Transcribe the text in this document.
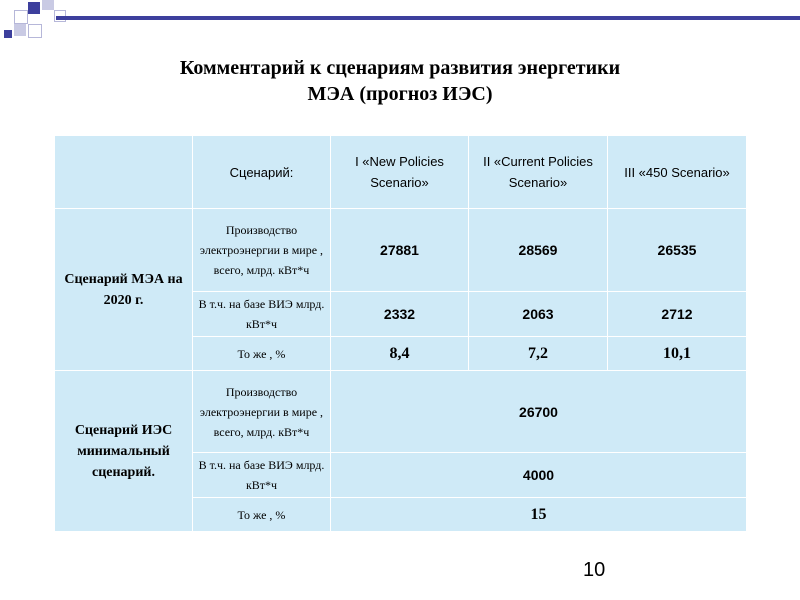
Комментарий к сценариям развития энергетики
МЭА (прогноз ИЭС)
	Сценарий:	I «New Policies Scenario»	II «Current Policies Scenario»	III «450 Scenario»
Сценарий МЭА на 2020 г.	Производство электроэнергии в мире , всего, млрд. кВт*ч	27881	28569	26535
	В т.ч. на базе ВИЭ млрд. кВт*ч	2332	2063	2712
	То же , %	8,4	7,2	10,1
Сценарий ИЭС минимальный сценарий.	Производство электроэнергии в мире , всего, млрд. кВт*ч	26700		
	В т.ч. на базе ВИЭ млрд. кВт*ч	4000		
	То же , %	15		
10
